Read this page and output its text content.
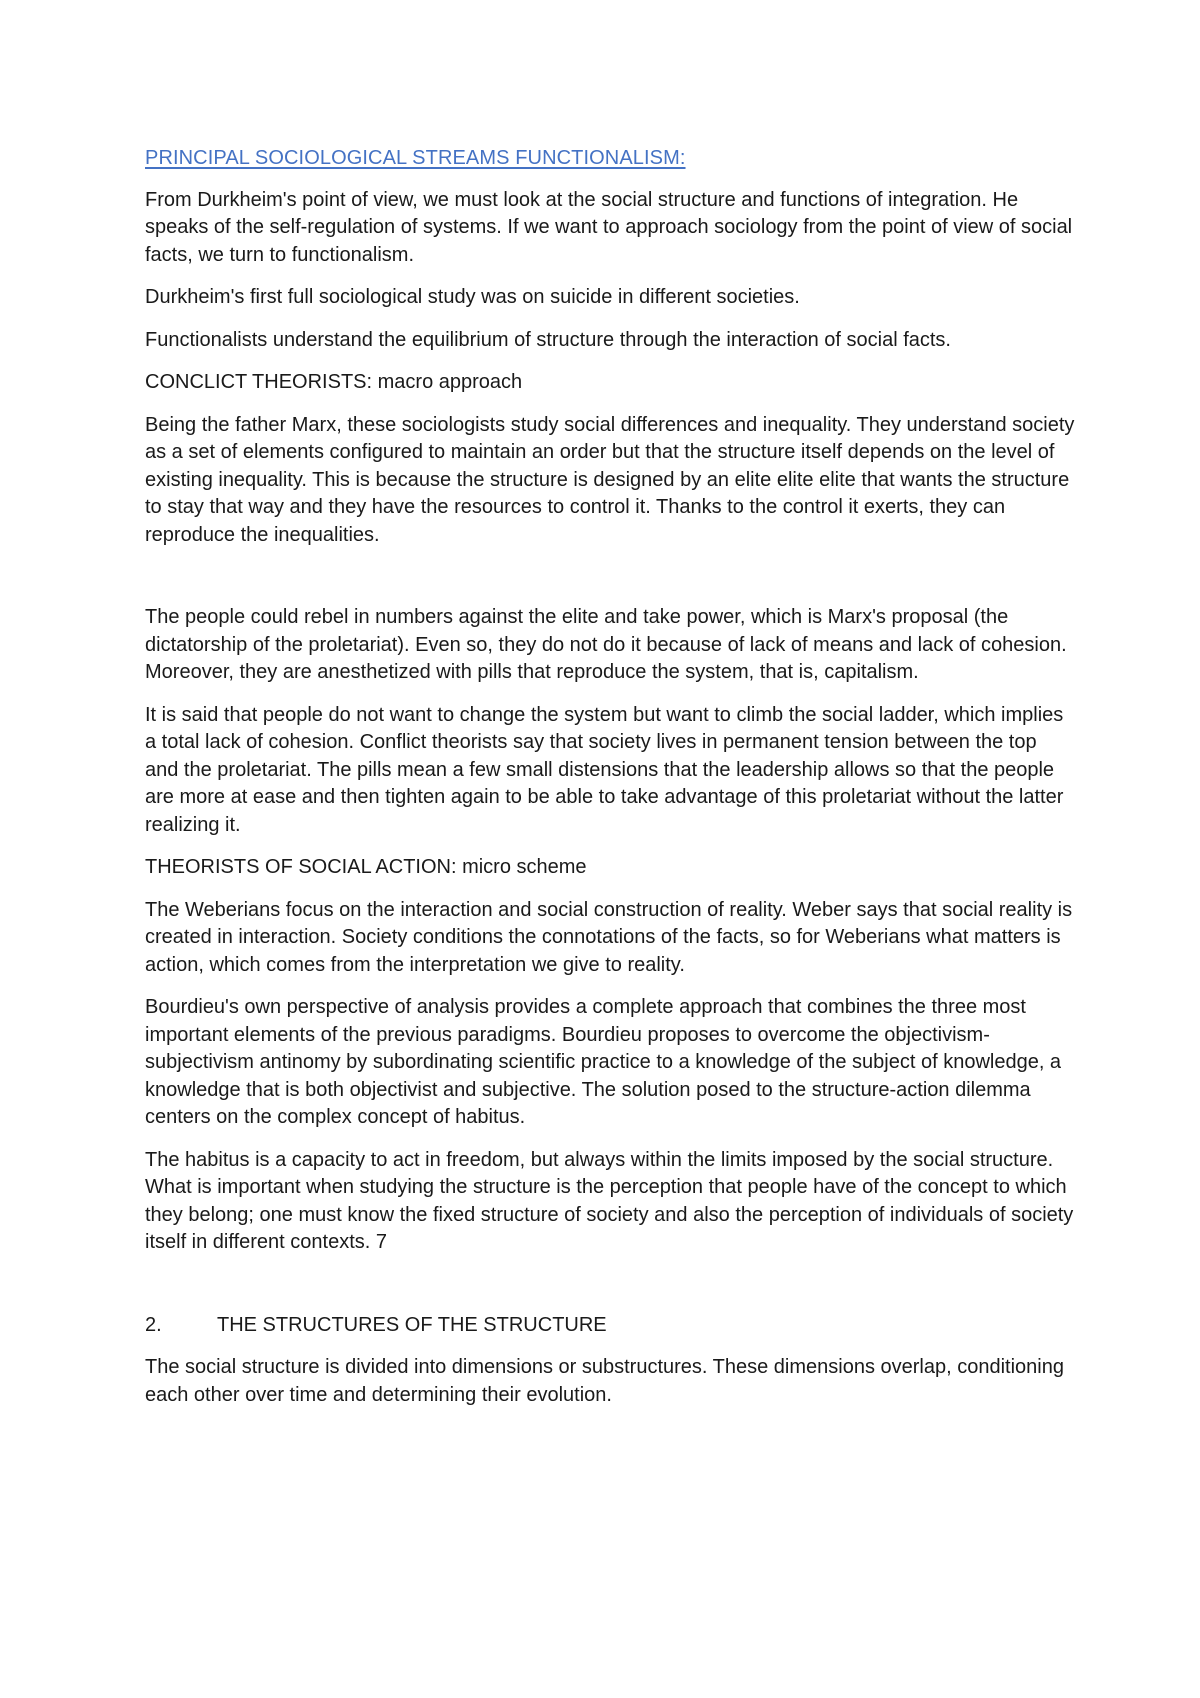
PRINCIPAL SOCIOLOGICAL STREAMS FUNCTIONALISM:

From Durkheim's point of view, we must look at the social structure and functions of integration. He speaks of the self-regulation of systems. If we want to approach sociology from the point of view of social facts, we turn to functionalism.

Durkheim's first full sociological study was on suicide in different societies.

Functionalists understand the equilibrium of structure through the interaction of social facts.

CONCLICT THEORISTS: macro approach

Being the father Marx, these sociologists study social differences and inequality. They understand society as a set of elements configured to maintain an order but that the structure itself depends on the level of existing inequality. This is because the structure is designed by an elite elite elite that wants the structure to stay that way and they have the resources to control it. Thanks to the control it exerts, they can reproduce the inequalities.

The people could rebel in numbers against the elite and take power, which is Marx's proposal (the dictatorship of the proletariat). Even so, they do not do it because of lack of means and lack of cohesion. Moreover, they are anesthetized with pills that reproduce the system, that is, capitalism.

It is said that people do not want to change the system but want to climb the social ladder, which implies a total lack of cohesion. Conflict theorists say that society lives in permanent tension between the top and the proletariat. The pills mean a few small distensions that the leadership allows so that the people are more at ease and then tighten again to be able to take advantage of this proletariat without the latter realizing it.

THEORISTS OF SOCIAL ACTION: micro scheme

The Weberians focus on the interaction and social construction of reality. Weber says that social reality is created in interaction. Society conditions the connotations of the facts, so for Weberians what matters is action, which comes from the interpretation we give to reality.

Bourdieu's own perspective of analysis provides a complete approach that combines the three most important elements of the previous paradigms. Bourdieu proposes to overcome the objectivism-subjectivism antinomy by subordinating scientific practice to a knowledge of the subject of knowledge, a knowledge that is both objectivist and subjective. The solution posed to the structure-action dilemma centers on the complex concept of habitus.

The habitus is a capacity to act in freedom, but always within the limits imposed by the social structure. What is important when studying the structure is the perception that people have of the concept to which they belong; one must know the fixed structure of society and also the perception of individuals of society itself in different contexts. 7

2.	THE STRUCTURES OF THE STRUCTURE

The social structure is divided into dimensions or substructures. These dimensions overlap, conditioning each other over time and determining their evolution.
